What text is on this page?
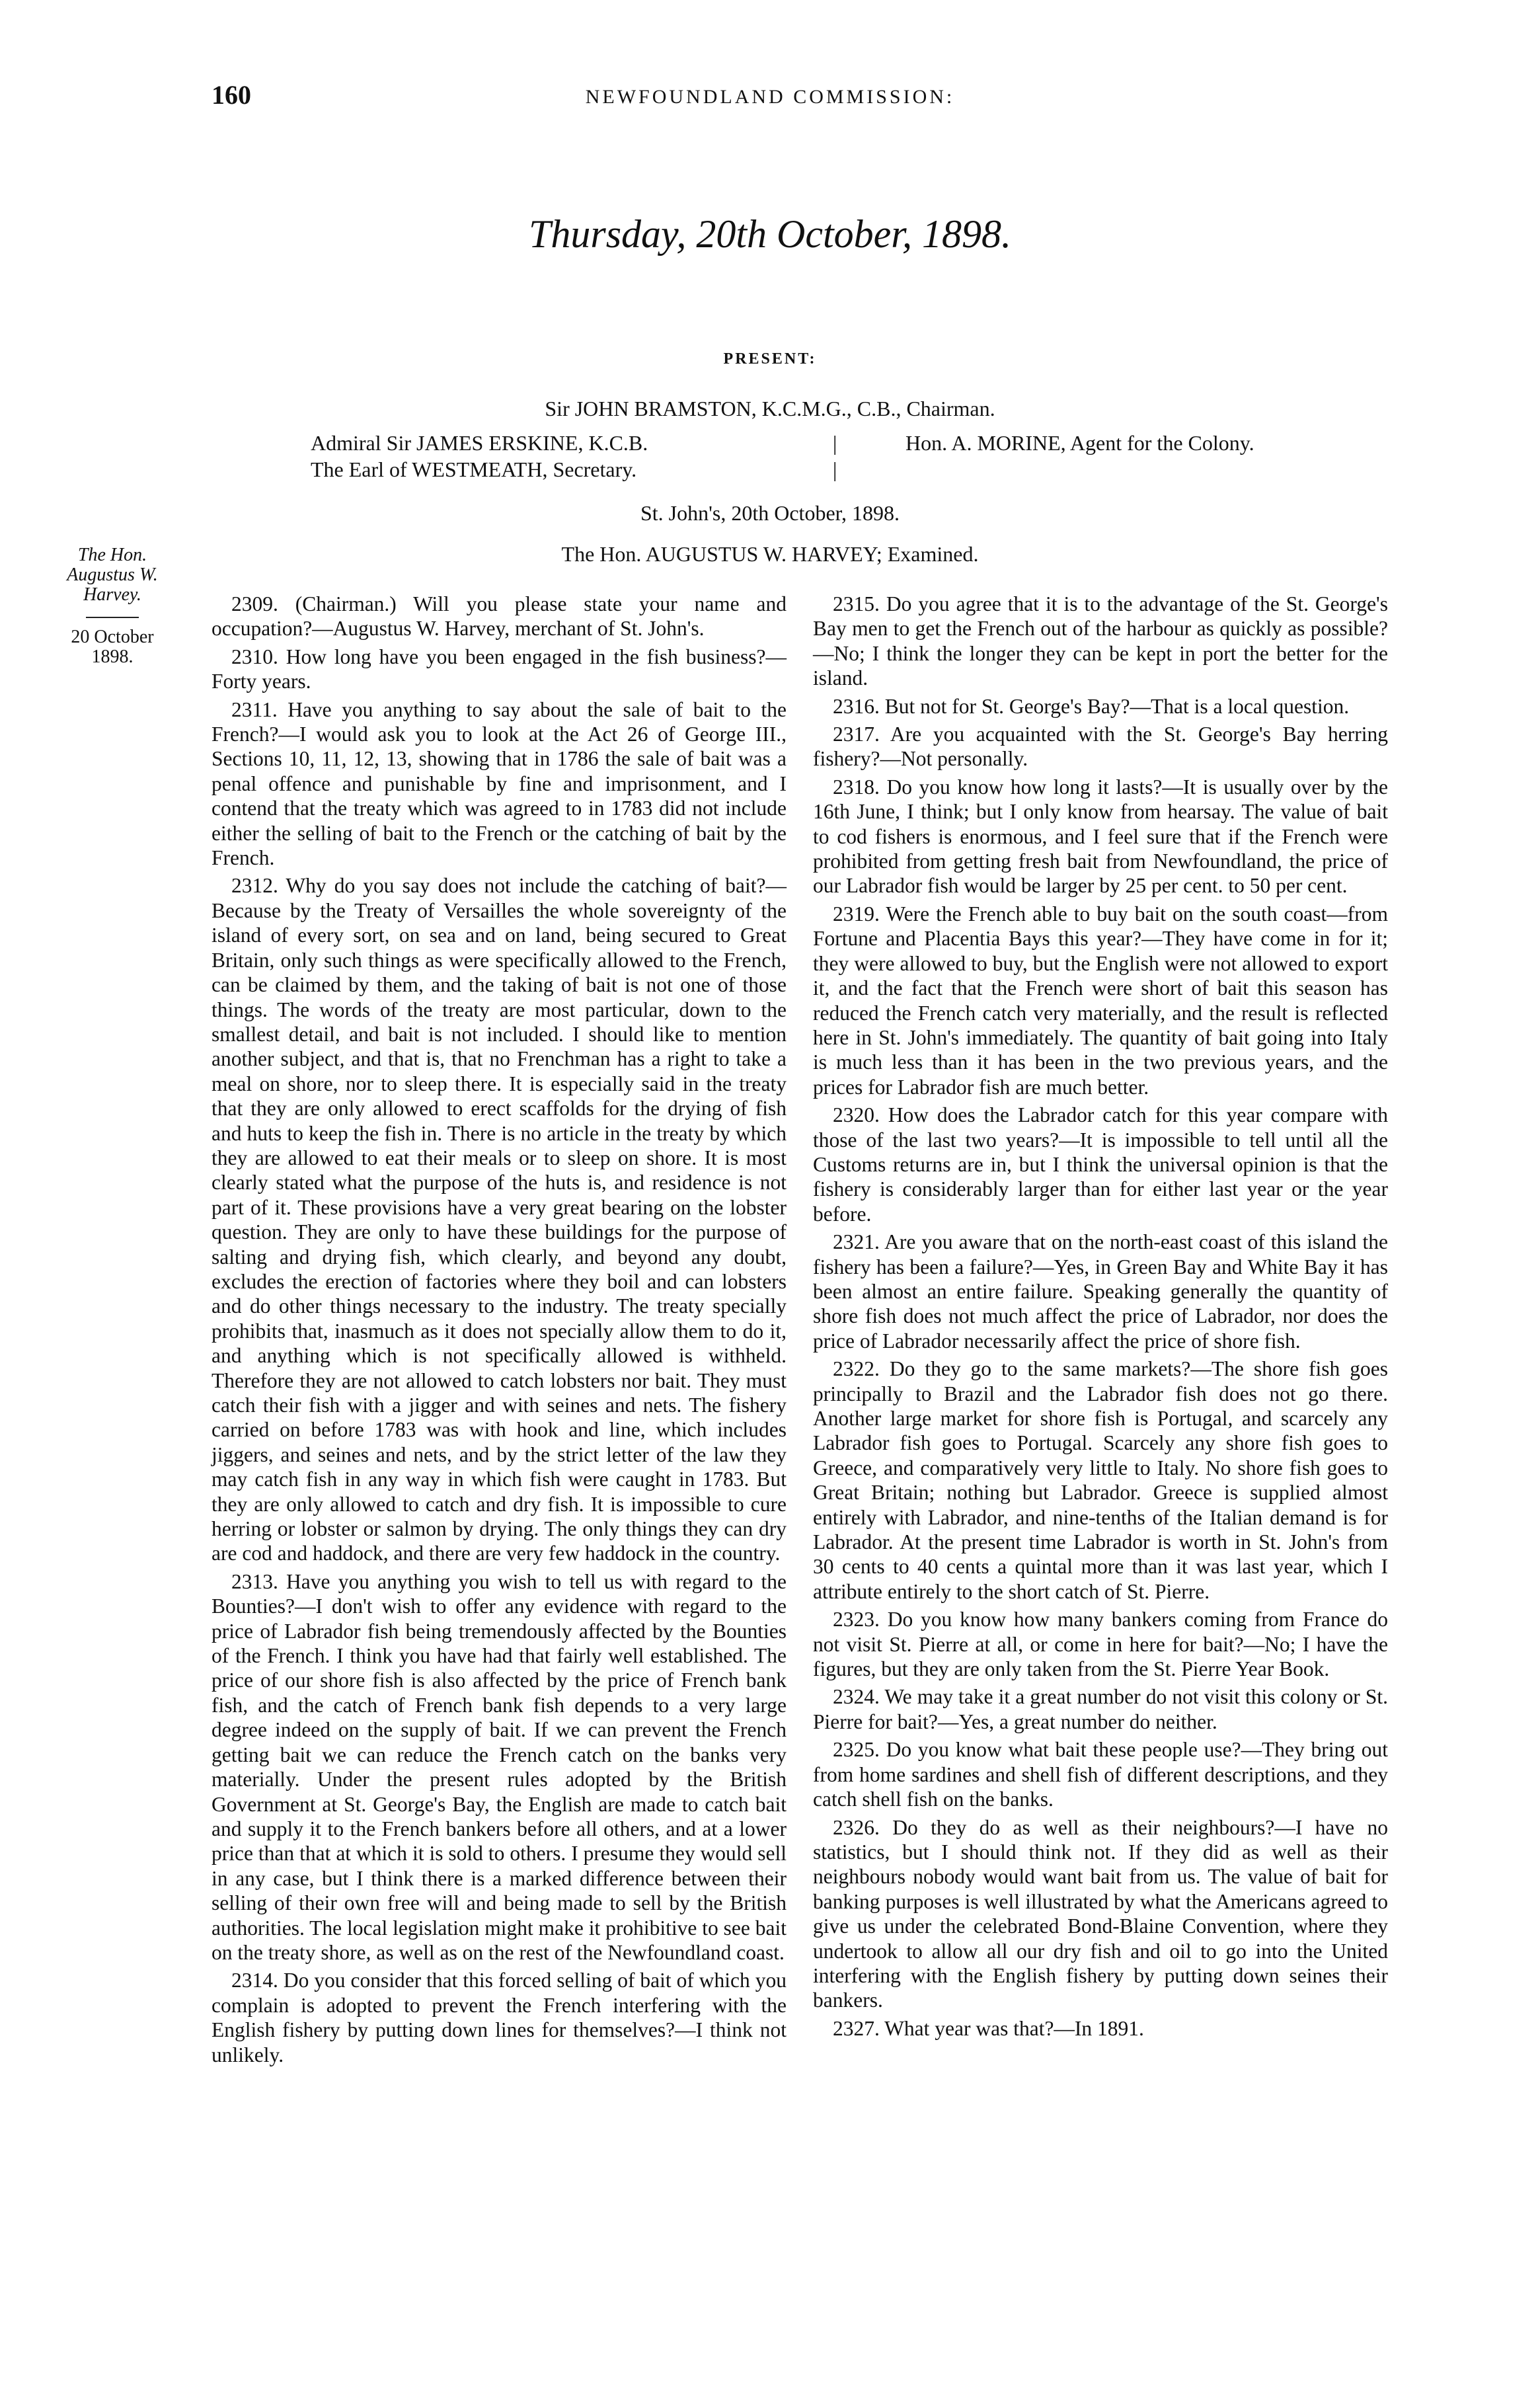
160	NEWFOUNDLAND COMMISSION:
Thursday, 20th October, 1898.
PRESENT:
Sir JOHN BRAMSTON, K.C.M.G., C.B., Chairman.
Admiral Sir JAMES ERSKINE, K.C.B.
The Earl of WESTMEATH, Secretary.
|
|
Hon. A. MORINE, Agent for the Colony.
St. John's, 20th October, 1898.
The Hon. AUGUSTUS W. HARVEY; Examined.
The Hon.
Augustus W.
Harvey.
20 October
1898.

2309. (Chairman.) Will you please state your name and occupation?—Augustus W. Harvey, merchant of St. John's.

2310. How long have you been engaged in the fish business?—Forty years.

2311. Have you anything to say about the sale of bait to the French?—I would ask you to look at the Act 26 of George III., Sections 10, 11, 12, 13, showing that in 1786 the sale of bait was a penal offence and punishable by fine and imprisonment, and I contend that the treaty which was agreed to in 1783 did not include either the selling of bait to the French or the catching of bait by the French.

2312. Why do you say does not include the catching of bait?—Because by the Treaty of Versailles the whole sovereignty of the island of every sort, on sea and on land, being secured to Great Britain, only such things as were specifically allowed to the French, can be claimed by them, and the taking of bait is not one of those things. The words of the treaty are most particular, down to the smallest detail, and bait is not included. I should like to mention another subject, and that is, that no Frenchman has a right to take a meal on shore, nor to sleep there. It is especially said in the treaty that they are only allowed to erect scaffolds for the drying of fish and huts to keep the fish in. There is no article in the treaty by which they are allowed to eat their meals or to sleep on shore. It is most clearly stated what the purpose of the huts is, and residence is not part of it. These provisions have a very great bearing on the lobster question. They are only to have these buildings for the purpose of salting and drying fish, which clearly, and beyond any doubt, excludes the erection of factories where they boil and can lobsters and do other things necessary to the industry. The treaty specially prohibits that, inasmuch as it does not specially allow them to do it, and anything which is not specifically allowed is withheld. Therefore they are not allowed to catch lobsters nor bait. They must catch their fish with a jigger and with seines and nets. The fishery carried on before 1783 was with hook and line, which includes jiggers, and seines and nets, and by the strict letter of the law they may catch fish in any way in which fish were caught in 1783. But they are only allowed to catch and dry fish. It is impossible to cure herring or lobster or salmon by drying. The only things they can dry are cod and haddock, and there are very few haddock in the country.

2313. Have you anything you wish to tell us with regard to the Bounties?—I don't wish to offer any evidence with regard to the price of Labrador fish being tremendously affected by the Bounties of the French. I think you have had that fairly well established. The price of our shore fish is also affected by the price of French bank fish, and the catch of French bank fish depends to a very large degree indeed on the supply of bait. If we can prevent the French getting bait we can reduce the French catch on the banks very materially. Under the present rules adopted by the British Government at St. George's Bay, the English are made to catch bait and supply it to the French bankers before all others, and at a lower price than that at which it is sold to others. I presume they would sell in any case, but I think there is a marked difference between their selling of their own free will and being made to sell by the British authorities. The local legislation might make it prohibitive to see bait on the treaty shore, as well as on the rest of the Newfoundland coast.

2314. Do you consider that this forced selling of bait of which you complain is adopted to prevent the French interfering with the English fishery by putting down lines for themselves?—I think not unlikely.

2315. Do you agree that it is to the advantage of the St. George's Bay men to get the French out of the harbour as quickly as possible?—No; I think the longer they can be kept in port the better for the island.

2316. But not for St. George's Bay?—That is a local question.

2317. Are you acquainted with the St. George's Bay herring fishery?—Not personally.

2318. Do you know how long it lasts?—It is usually over by the 16th June, I think; but I only know from hearsay. The value of bait to cod fishers is enormous, and I feel sure that if the French were prohibited from getting fresh bait from Newfoundland, the price of our Labrador fish would be larger by 25 per cent. to 50 per cent.

2319. Were the French able to buy bait on the south coast—from Fortune and Placentia Bays this year?—They have come in for it; they were allowed to buy, but the English were not allowed to export it, and the fact that the French were short of bait this season has reduced the French catch very materially, and the result is reflected here in St. John's immediately. The quantity of bait going into Italy is much less than it has been in the two previous years, and the prices for Labrador fish are much better.

2320. How does the Labrador catch for this year compare with those of the last two years?—It is impossible to tell until all the Customs returns are in, but I think the universal opinion is that the fishery is considerably larger than for either last year or the year before.

2321. Are you aware that on the north-east coast of this island the fishery has been a failure?—Yes, in Green Bay and White Bay it has been almost an entire failure. Speaking generally the quantity of shore fish does not much affect the price of Labrador, nor does the price of Labrador necessarily affect the price of shore fish.

2322. Do they go to the same markets?—The shore fish goes principally to Brazil and the Labrador fish does not go there. Another large market for shore fish is Portugal, and scarcely any Labrador fish goes to Portugal. Scarcely any shore fish goes to Greece, and comparatively very little to Italy. No shore fish goes to Great Britain; nothing but Labrador. Greece is supplied almost entirely with Labrador, and nine-tenths of the Italian demand is for Labrador. At the present time Labrador is worth in St. John's from 30 cents to 40 cents a quintal more than it was last year, which I attribute entirely to the short catch of St. Pierre.

2323. Do you know how many bankers coming from France do not visit St. Pierre at all, or come in here for bait?—No; I have the figures, but they are only taken from the St. Pierre Year Book.

2324. We may take it a great number do not visit this colony or St. Pierre for bait?—Yes, a great number do neither.

2325. Do you know what bait these people use?—They bring out from home sardines and shell fish of different descriptions, and they catch shell fish on the banks.

2326. Do they do as well as their neighbours?—I have no statistics, but I should think not. If they did as well as their neighbours nobody would want bait from us. The value of bait for banking purposes is well illustrated by what the Americans agreed to give us under the celebrated Bond-Blaine Convention, where they undertook to allow all our dry fish and oil to go into the United interfering with the English fishery by putting down seines their bankers.

2327. What year was that?—In 1891.
